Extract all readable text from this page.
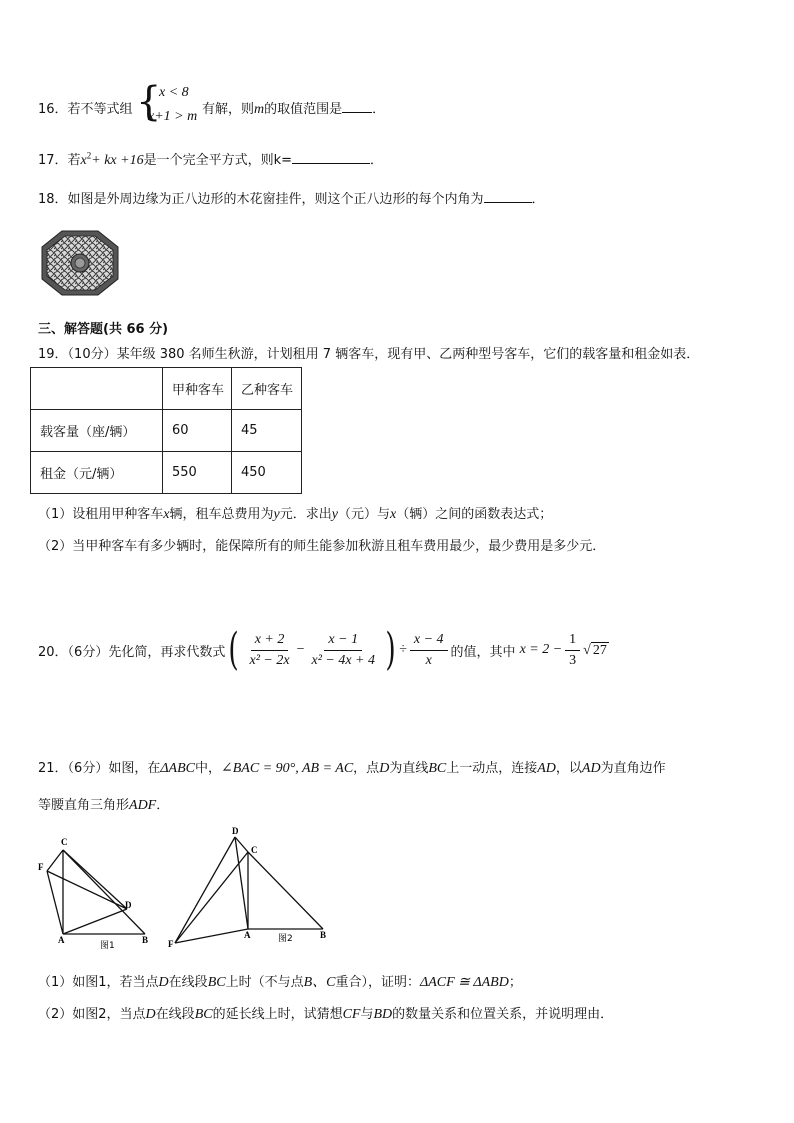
16．若不等式组 {
x < 8
x+1 > m 有解，则m的取值范围是 ．
17．若$x^2+$ kx +16是一个完全平方式，则k=	．
18．如图是外周边缘为正八边形的木花窗挂件，则这个正八边形的每个内角为	．
三、解答题(共 66 分)
19．（10分）某年级 380 名师生秋游，计划租用 7 辆客车，现有甲、乙两种型号客车，它们的载客量和租金如表．
	甲种客车	乙种客车
载客量（座/辆）	60	45
租金（元/辆）	550	450
（1）设租用甲种客车x辆，租车总费用为y元．求出y（元）与x（辆）之间的函数表达式；
（2）当甲种客车有多少辆时，能保障所有的师生能参加秋游且租车费用最少，最少费用是多少元．
20．（6分）先化简，再求代数式 ( $\frac{x + 2}{\text{x² − 2x}} - \frac{x - 1}{\text{x² − 4x + 4}}$ ) ÷ $\frac{x - 4}{x}$ 的值，其中 $x = 2 - \frac{1}{3}$ √ 27
21．（6分）如图，在ΔABC中，∠BAC = 90°, AB = AC，点D为直线BC上一动点，连接AD，以AD为直角边作
等腰直角三角形ADF．
C
F
D
A	B
图1
D
C
A	B
F	图2
（1）如图1，若当点D在线段BC上时（不与点B、C重合），证明：ΔACF ≅ ΔABD；
（2）如图2，当点D在线段BC的延长线上时，试猜想CF与BD的数量关系和位置关系，并说明理由．
